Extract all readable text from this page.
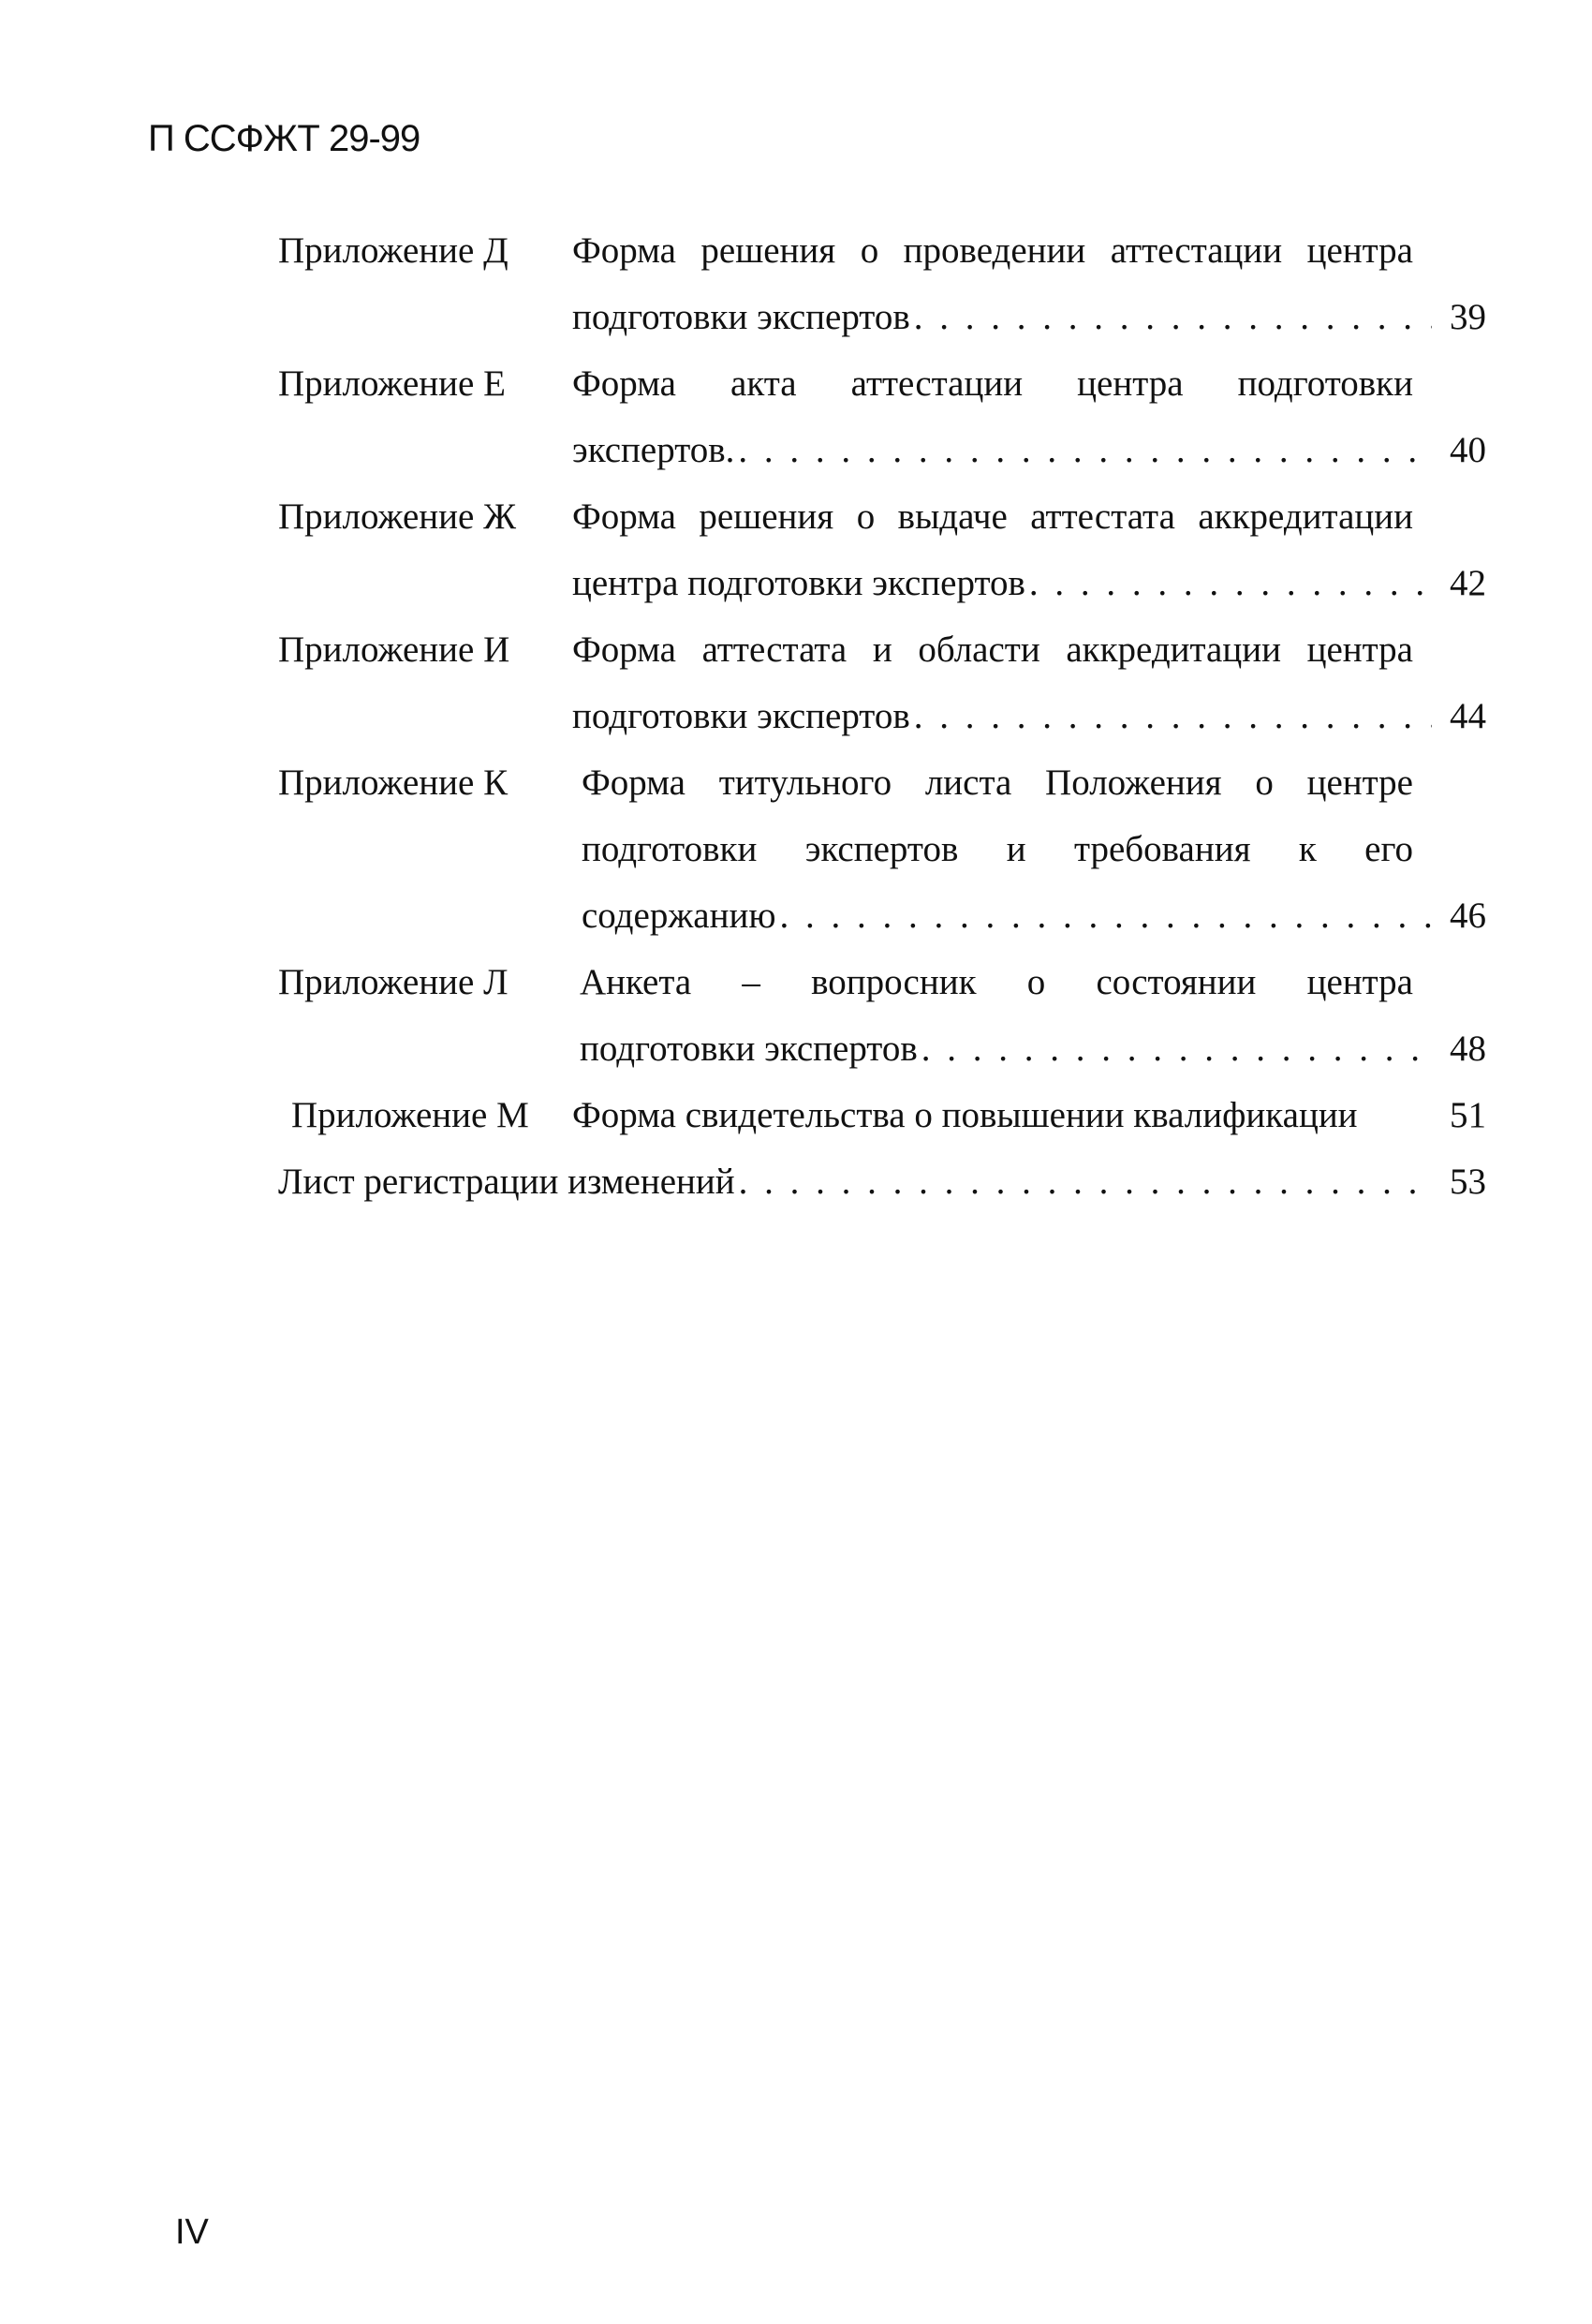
П ССФЖТ 29-99
Приложение Д	Форма решения о проведении аттестации центра
подготовки экспертов . . .	39
Приложение Е	Форма акта аттестации центра подготовки
экспертов. . . .	40
Приложение Ж	Форма решения о выдаче аттестата аккредитации
центра подготовки экспертов . . .	42
Приложение И	Форма аттестата и области аккредитации центра
подготовки экспертов . . .	44
Приложение К	Форма титульного листа Положения о центре
подготовки экспертов и требования к его
содержанию . . .	46
Приложение Л	Анкета – вопросник о состоянии центра
подготовки экспертов . . .	48
Приложение М	Форма свидетельства о повышении квалификации	51
Лист регистрации изменений . . .	53
IV
